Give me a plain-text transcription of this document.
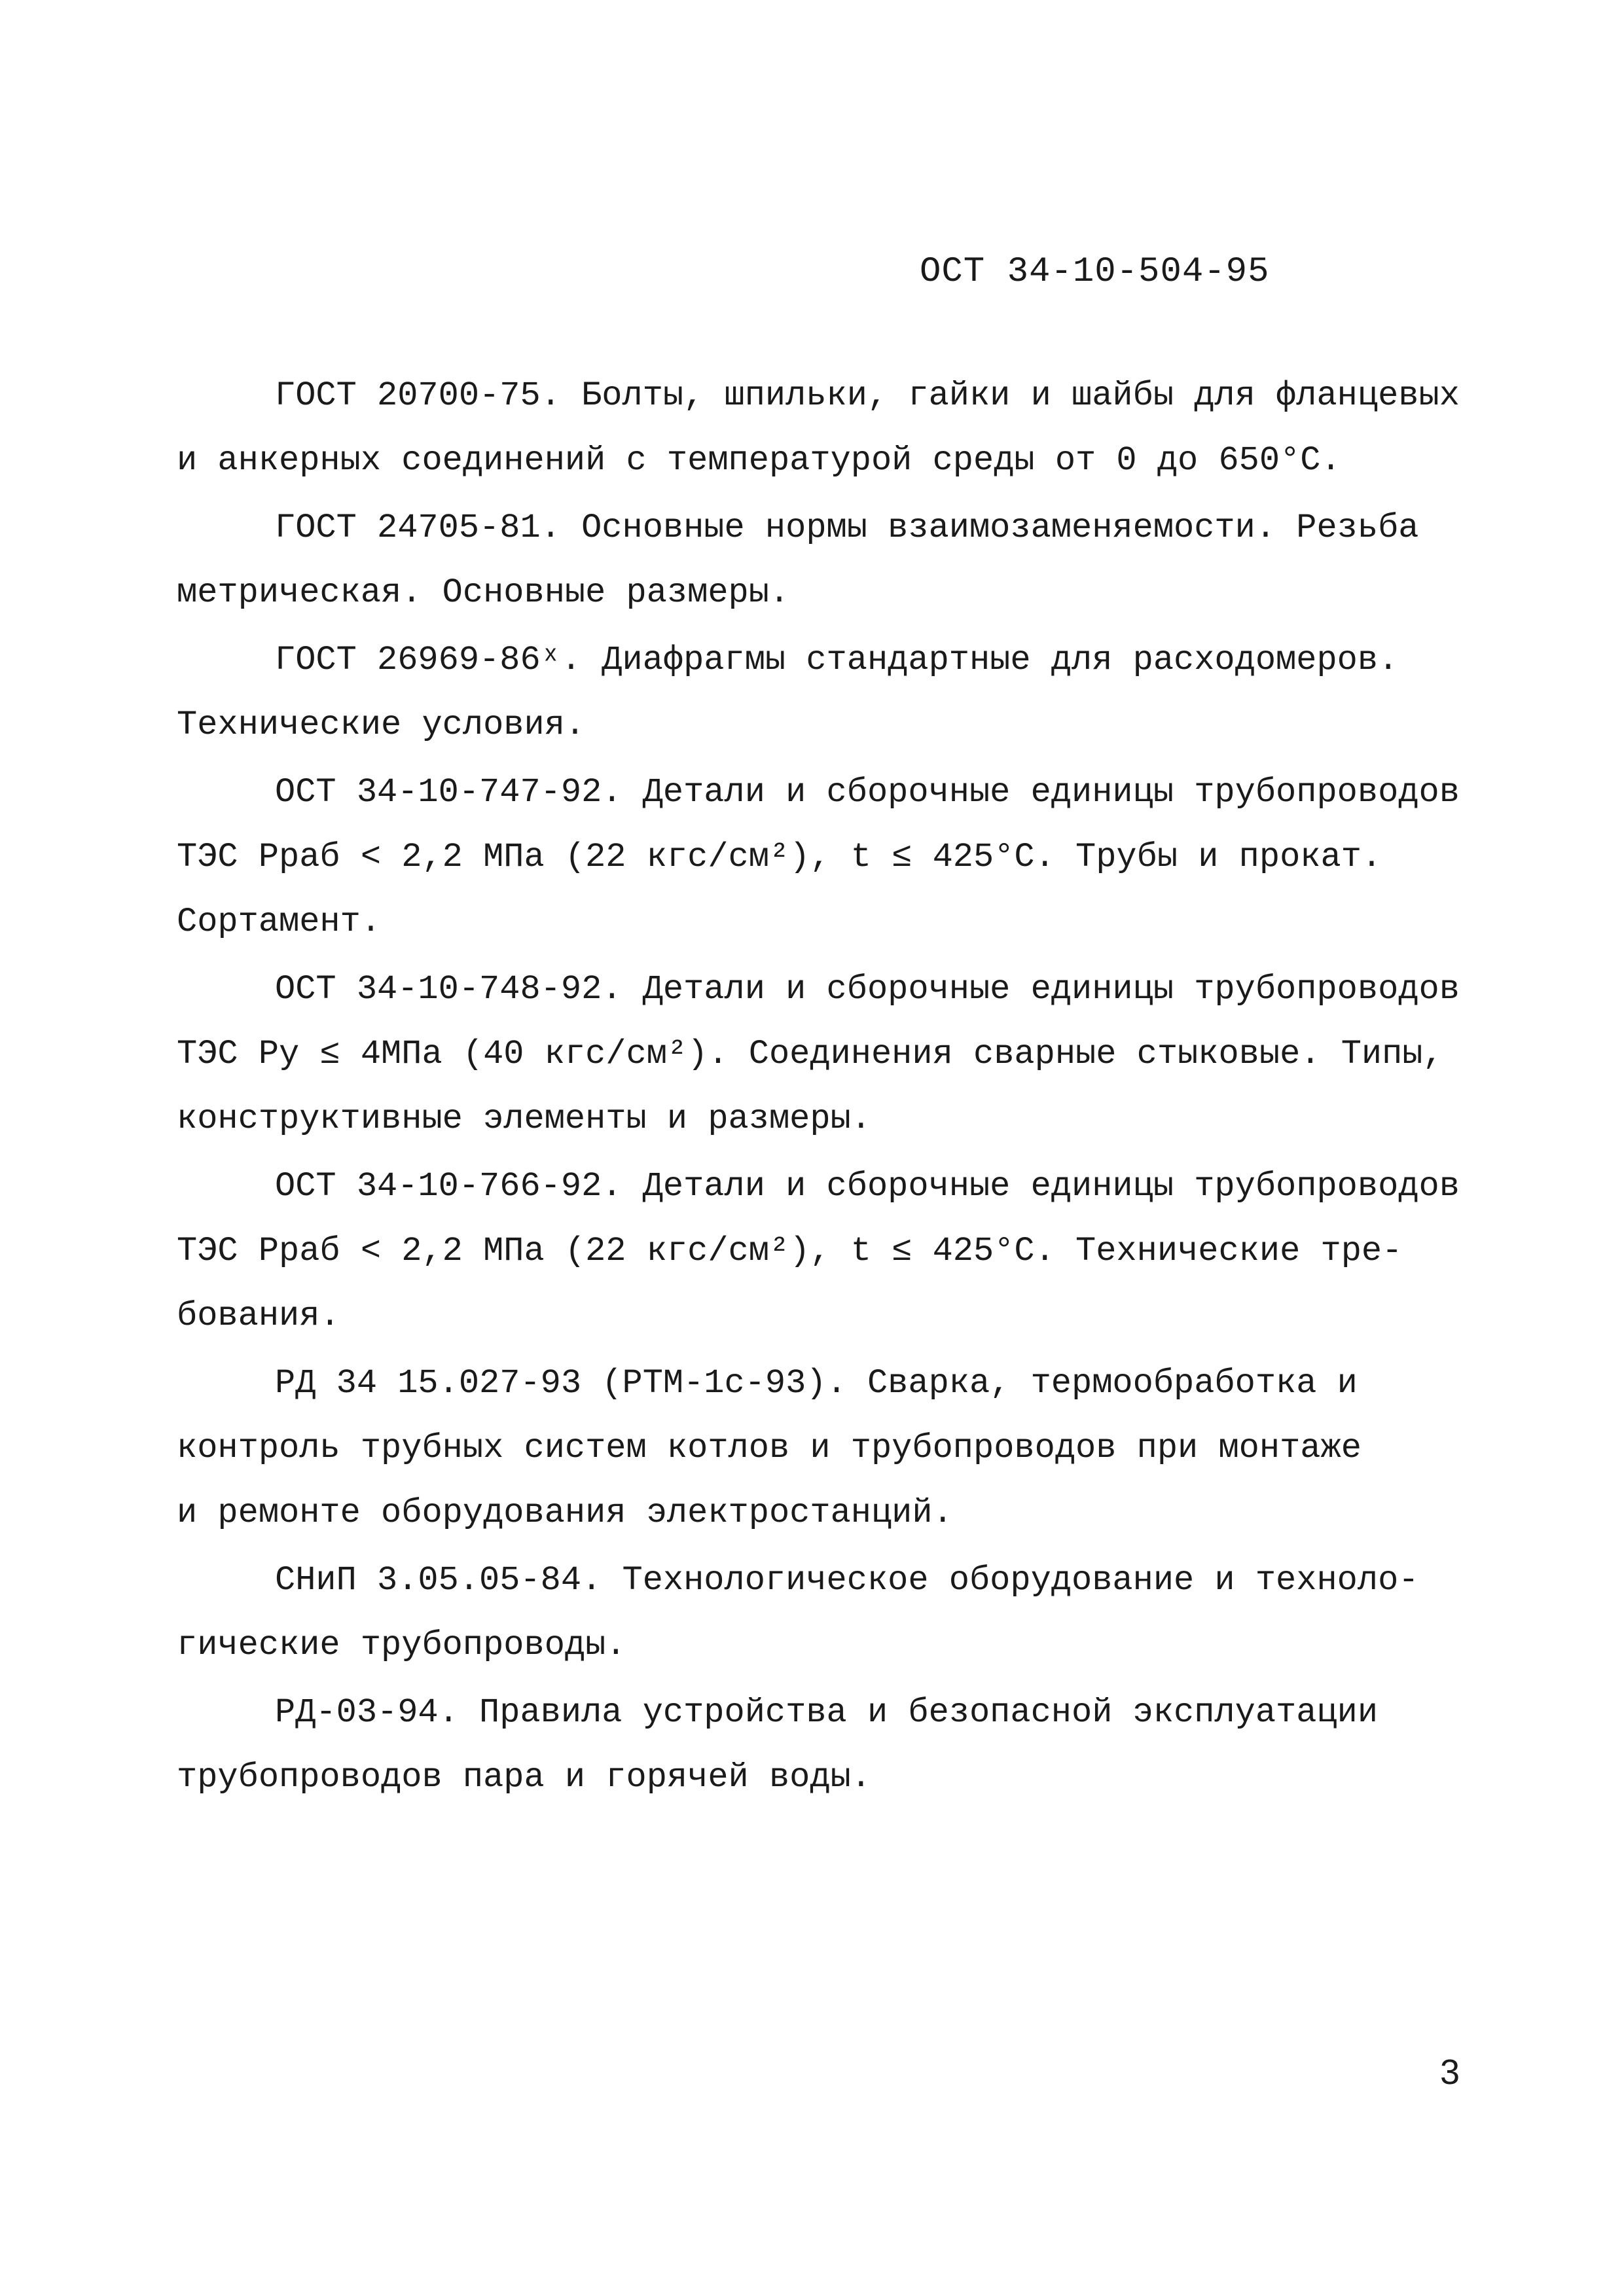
ОСТ 34-10-504-95
ГОСТ 20700-75. Болты, шпильки, гайки и шайбы для фланцевых
и анкерных соединений с температурой среды от 0 до 650°С.
ГОСТ 24705-81. Основные нормы взаимозаменяемости. Резьба
метрическая. Основные размеры.
ГОСТ 26969-86ˣ. Диафрагмы стандартные для расходомеров.
Технические условия.
ОСТ 34-10-747-92. Детали и сборочные единицы трубопроводов
ТЭС Рраб < 2,2 МПа (22 кгс/см²), t ≤ 425°С. Трубы и прокат.
Сортамент.
ОСТ 34-10-748-92. Детали и сборочные единицы трубопроводов
ТЭС Ру ≤ 4МПа (40 кгс/см²). Соединения сварные стыковые. Типы,
конструктивные элементы и размеры.
ОСТ 34-10-766-92. Детали и сборочные единицы трубопроводов
ТЭС Рраб < 2,2 МПа (22 кгс/см²), t ≤ 425°С. Технические тре-
бования.
РД 34 15.027-93 (РТМ-1с-93). Сварка, термообработка и
контроль трубных систем котлов и трубопроводов при монтаже
и ремонте оборудования электростанций.
СНиП 3.05.05-84. Технологическое оборудование и техноло-
гические трубопроводы.
РД-03-94. Правила устройства и безопасной эксплуатации
трубопроводов пара и горячей воды.
3
